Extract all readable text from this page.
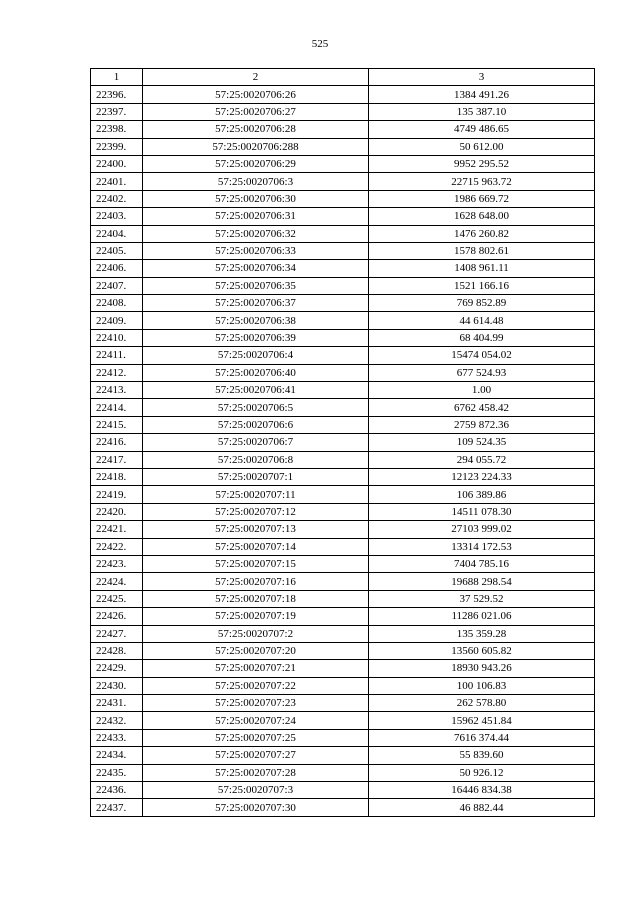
525
1	2	3
22396.	57:25:0020706:26	1384 491.26
22397.	57:25:0020706:27	135 387.10
22398.	57:25:0020706:28	4749 486.65
22399.	57:25:0020706:288	50 612.00
22400.	57:25:0020706:29	9952 295.52
22401.	57:25:0020706:3	22715 963.72
22402.	57:25:0020706:30	1986 669.72
22403.	57:25:0020706:31	1628 648.00
22404.	57:25:0020706:32	1476 260.82
22405.	57:25:0020706:33	1578 802.61
22406.	57:25:0020706:34	1408 961.11
22407.	57:25:0020706:35	1521 166.16
22408.	57:25:0020706:37	769 852.89
22409.	57:25:0020706:38	44 614.48
22410.	57:25:0020706:39	68 404.99
22411.	57:25:0020706:4	15474 054.02
22412.	57:25:0020706:40	677 524.93
22413.	57:25:0020706:41	1.00
22414.	57:25:0020706:5	6762 458.42
22415.	57:25:0020706:6	2759 872.36
22416.	57:25:0020706:7	109 524.35
22417.	57:25:0020706:8	294 055.72
22418.	57:25:0020707:1	12123 224.33
22419.	57:25:0020707:11	106 389.86
22420.	57:25:0020707:12	14511 078.30
22421.	57:25:0020707:13	27103 999.02
22422.	57:25:0020707:14	13314 172.53
22423.	57:25:0020707:15	7404 785.16
22424.	57:25:0020707:16	19688 298.54
22425.	57:25:0020707:18	37 529.52
22426.	57:25:0020707:19	11286 021.06
22427.	57:25:0020707:2	135 359.28
22428.	57:25:0020707:20	13560 605.82
22429.	57:25:0020707:21	18930 943.26
22430.	57:25:0020707:22	100 106.83
22431.	57:25:0020707:23	262 578.80
22432.	57:25:0020707:24	15962 451.84
22433.	57:25:0020707:25	7616 374.44
22434.	57:25:0020707:27	55 839.60
22435.	57:25:0020707:28	50 926.12
22436.	57:25:0020707:3	16446 834.38
22437.	57:25:0020707:30	46 882.44
